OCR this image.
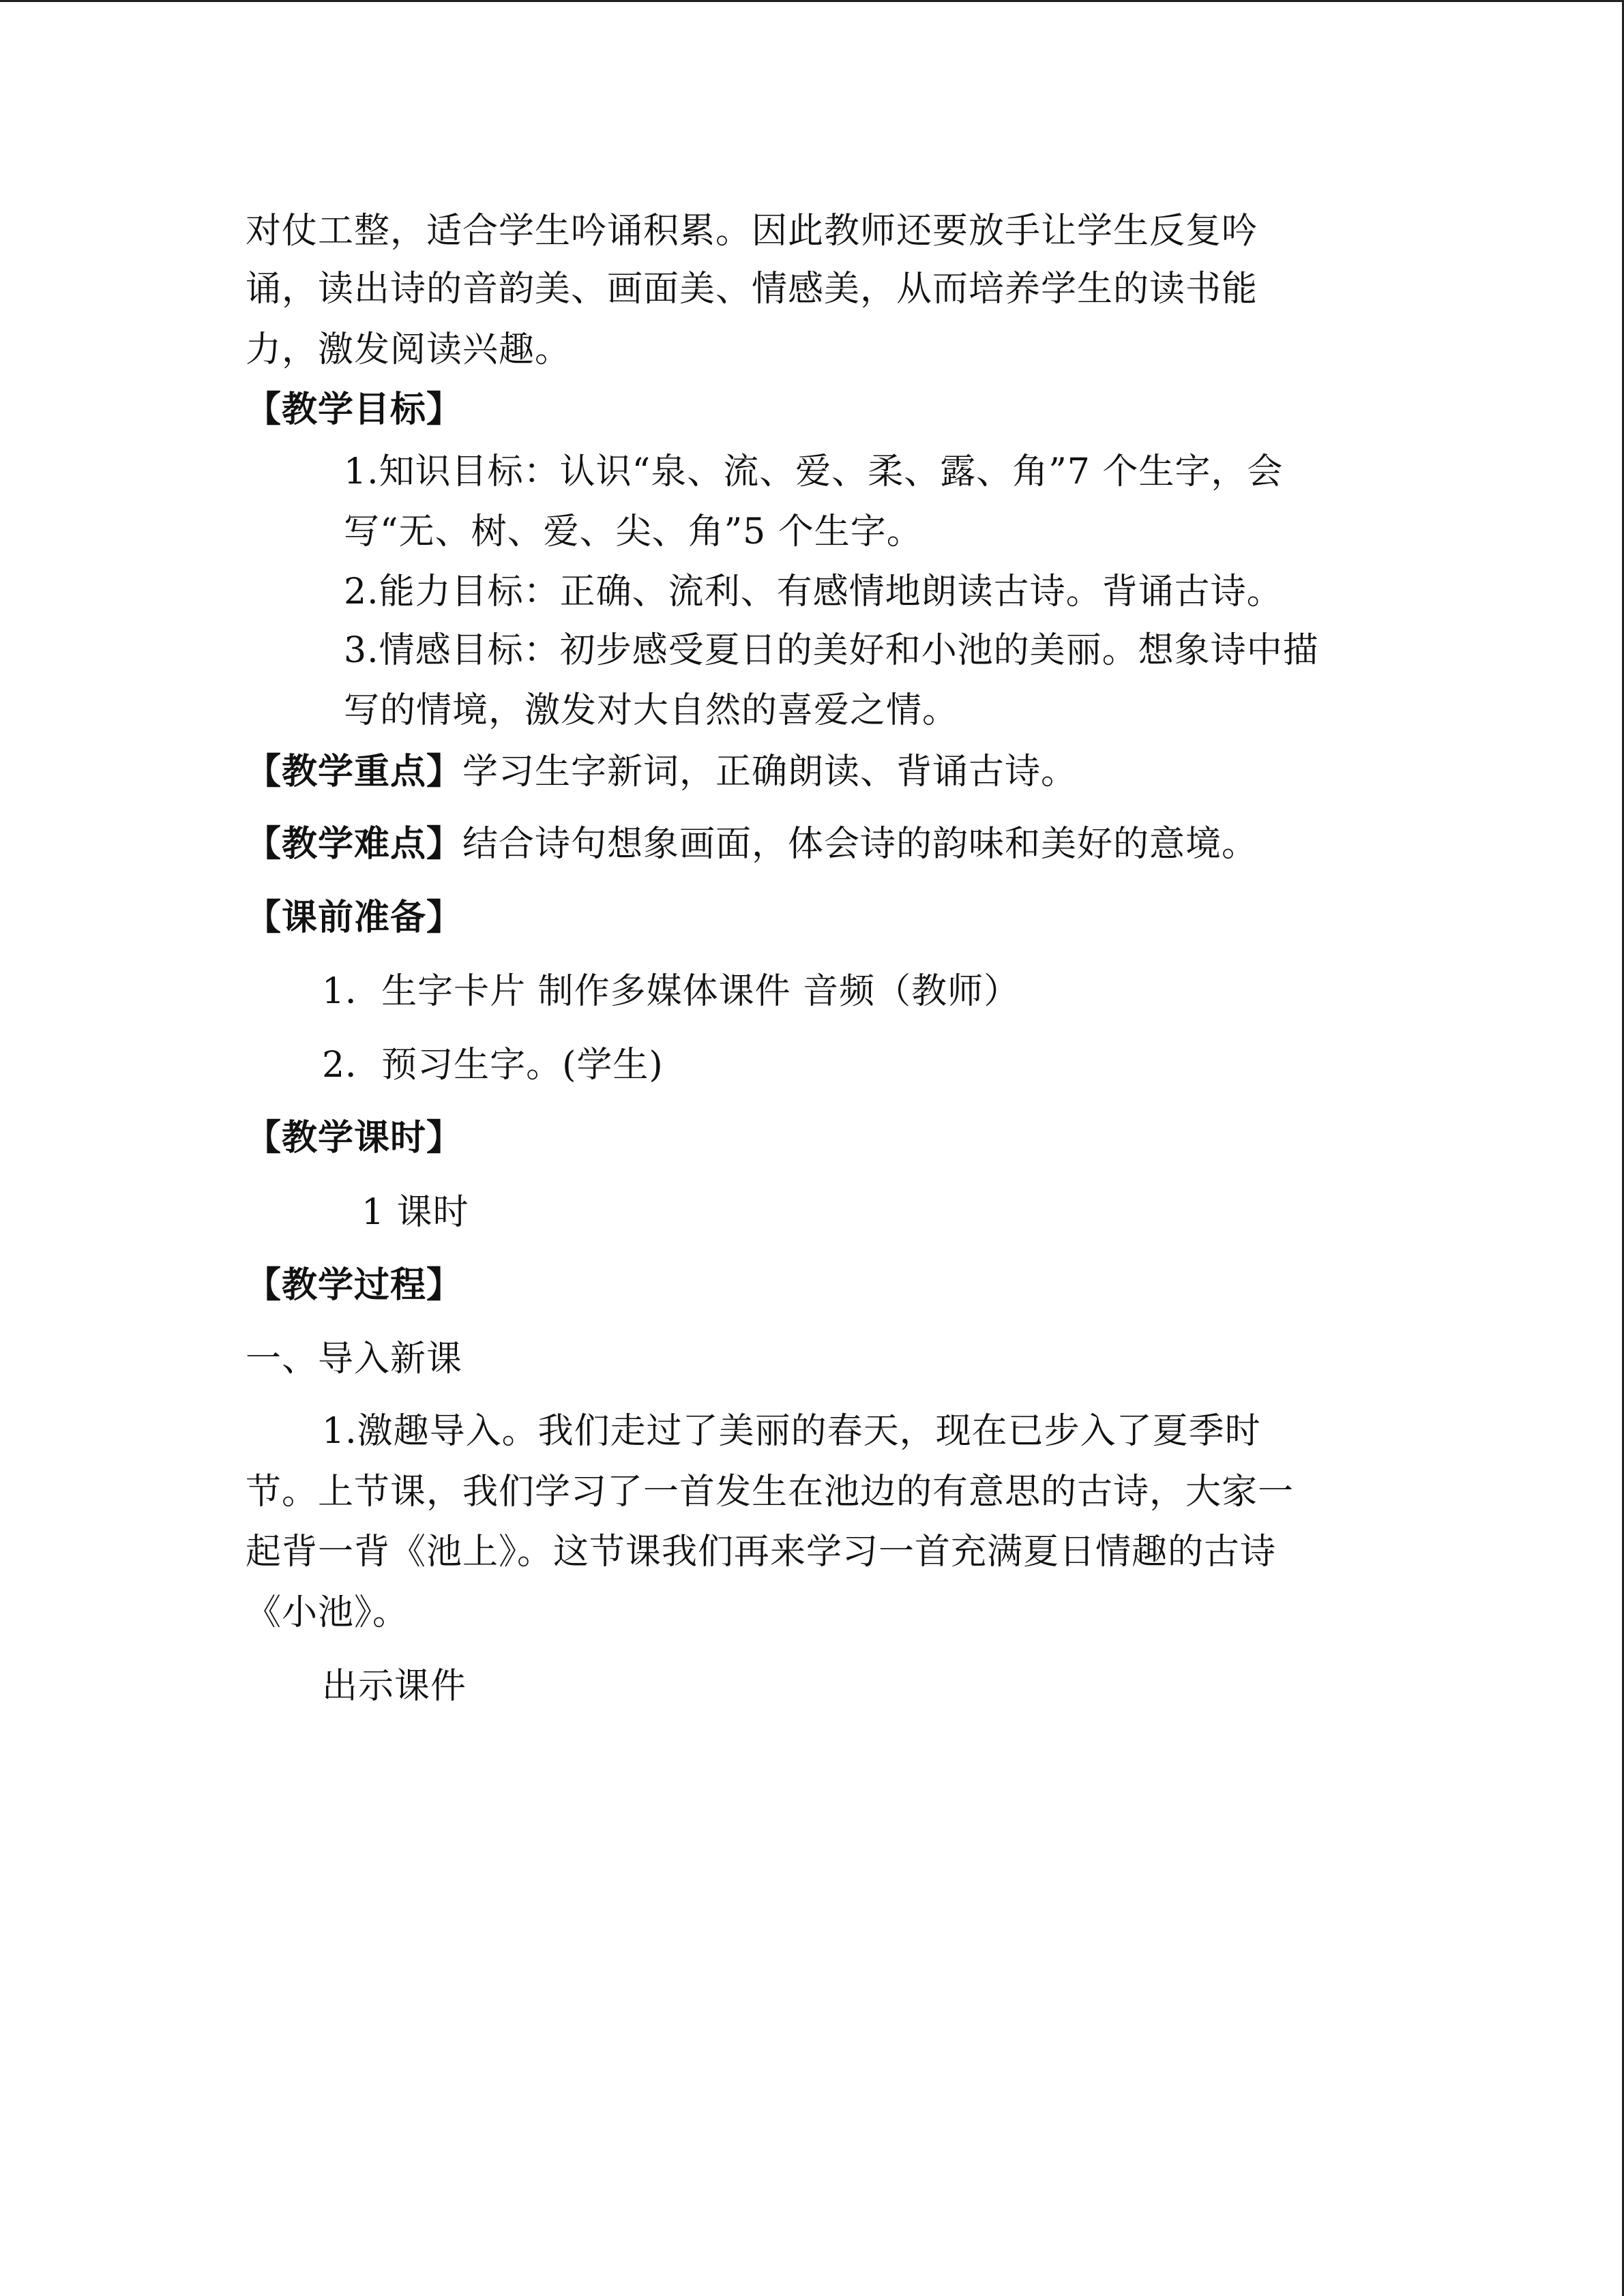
对仗工整，适合学生吟诵积累。因此教师还要放手让学生反复吟
诵，读出诗的音韵美、画面美、情感美，从而培养学生的读书能
力，激发阅读兴趣。
【教学目标】
1.知识目标：认识“泉、流、爱、柔、露、角”7 个生字，会
写“无、树、爱、尖、角”5 个生字。
2.能力目标：正确、流利、有感情地朗读古诗。背诵古诗。
3.情感目标：初步感受夏日的美好和小池的美丽。想象诗中描
写的情境，激发对大自然的喜爱之情。
【教学重点】学习生字新词，正确朗读、背诵古诗。
【教学难点】结合诗句想象画面，体会诗的韵味和美好的意境。
【课前准备】
1．生字卡片 制作多媒体课件 音频（教师）
2．预习生字。(学生)
【教学课时】
1 课时
【教学过程】
一、导入新课
1.激趣导入。我们走过了美丽的春天，现在已步入了夏季时
节。上节课，我们学习了一首发生在池边的有意思的古诗，大家一
起背一背《池上》。这节课我们再来学习一首充满夏日情趣的古诗
《小池》。
出示课件
